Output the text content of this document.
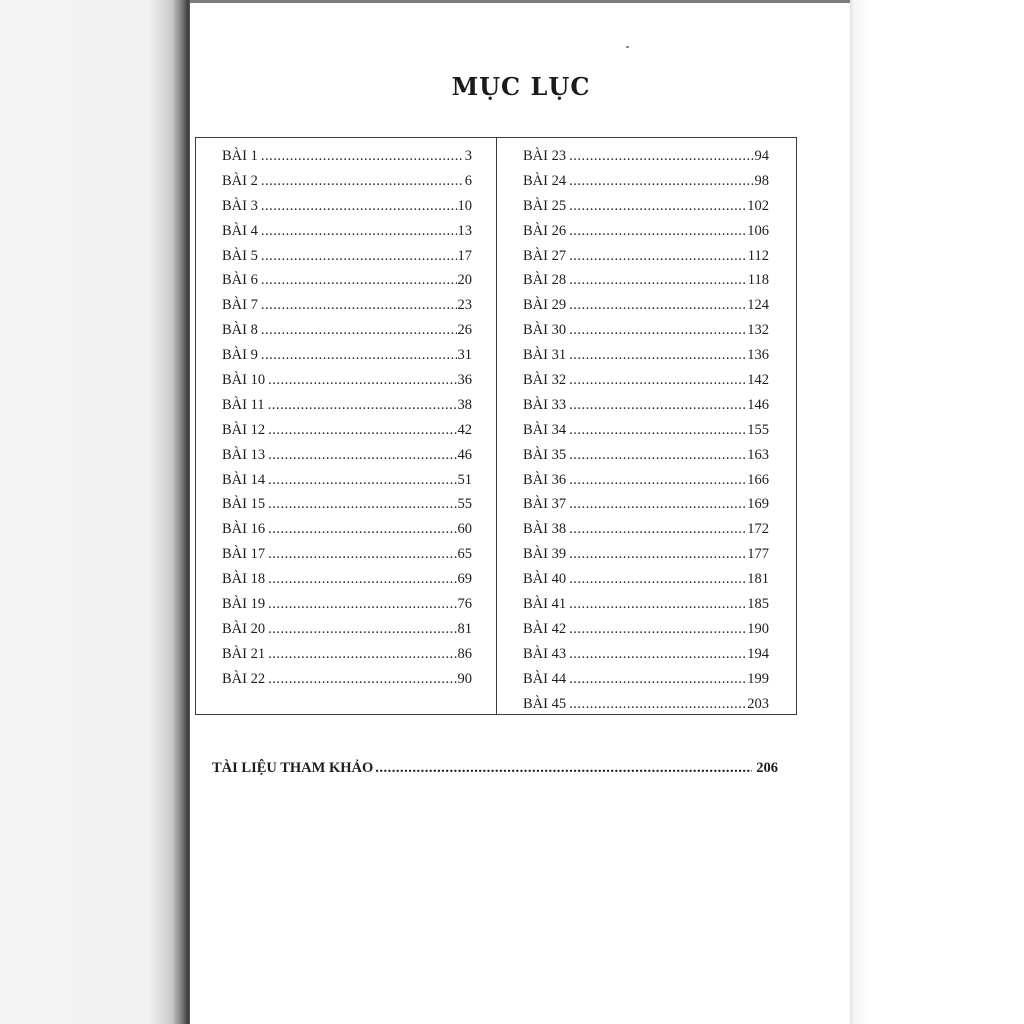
MỤC LỤC
BÀI 1 .....	3
BÀI 2 .....	6
BÀI 3 .....	10
BÀI 4 .....	13
BÀI 5 .....	17
BÀI 6 .....	20
BÀI 7 .....	23
BÀI 8 .....	26
BÀI 9 .....	31
BÀI 10 .....	36
BÀI 11 .....	38
BÀI 12 .....	42
BÀI 13 .....	46
BÀI 14 .....	51
BÀI 15 .....	55
BÀI 16 .....	60
BÀI 17 .....	65
BÀI 18 .....	69
BÀI 19 .....	76
BÀI 20 .....	81
BÀI 21 .....	86
BÀI 22 .....	90
BÀI 23 .....	94
BÀI 24 .....	98
BÀI 25 .....	102
BÀI 26 .....	106
BÀI 27 .....	112
BÀI 28 .....	118
BÀI 29 .....	124
BÀI 30 .....	132
BÀI 31 .....	136
BÀI 32 .....	142
BÀI 33 .....	146
BÀI 34 .....	155
BÀI 35 .....	163
BÀI 36 .....	166
BÀI 37 .....	169
BÀI 38 .....	172
BÀI 39 .....	177
BÀI 40 .....	181
BÀI 41 .....	185
BÀI 42 .....	190
BÀI 43 .....	194
BÀI 44 .....	199
BÀI 45 .....	203
TÀI LIỆU THAM KHẢO .....	206
